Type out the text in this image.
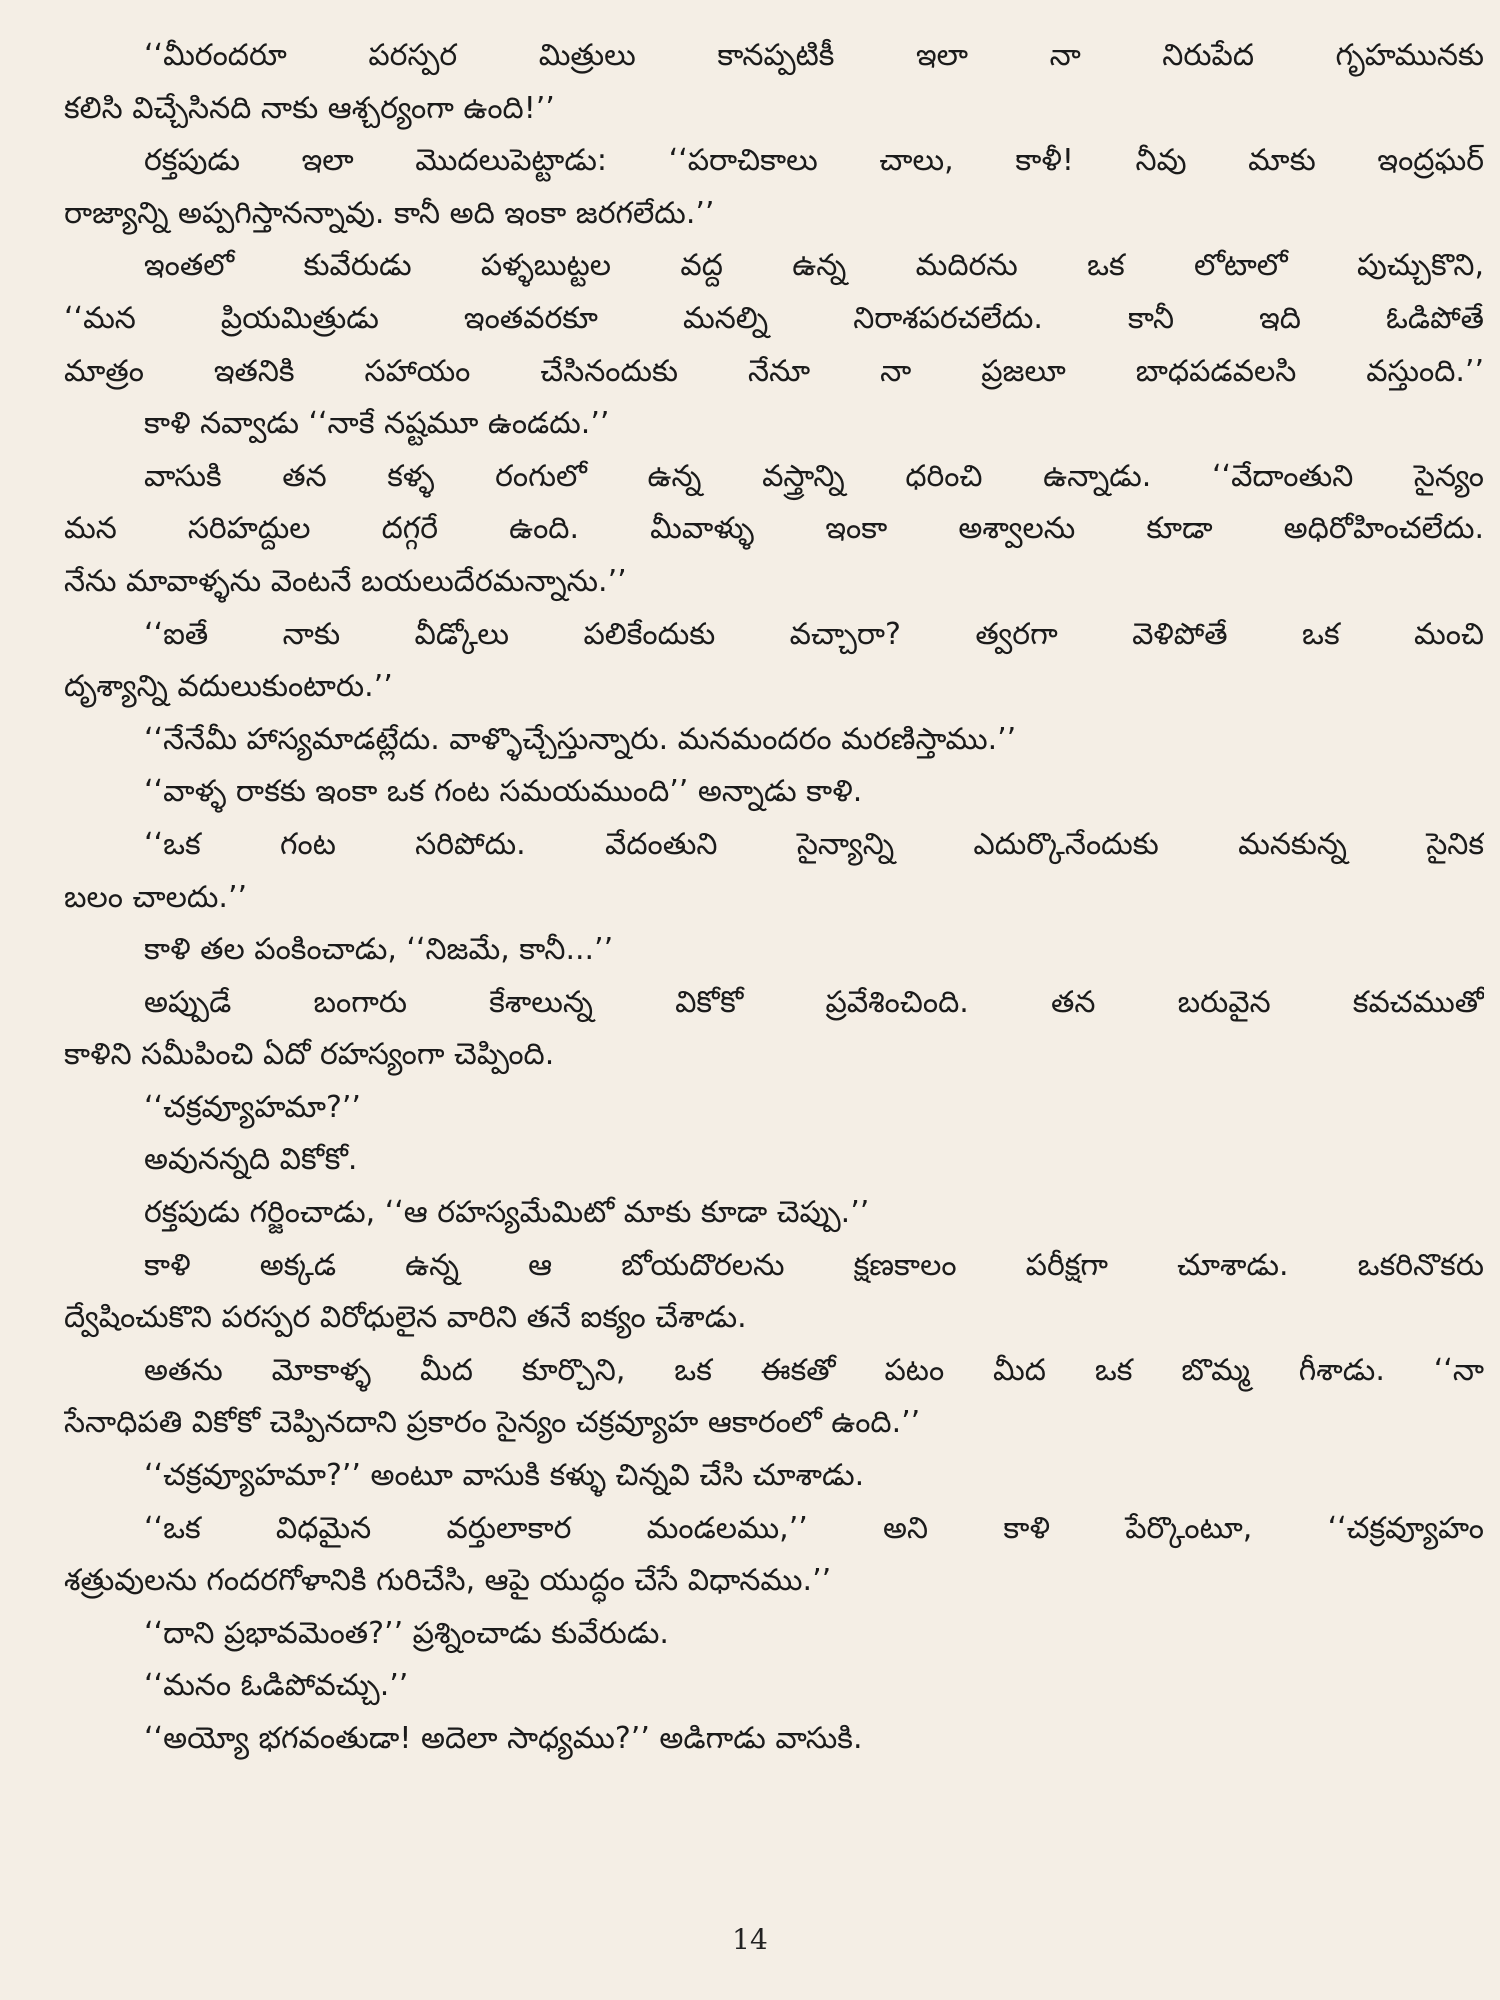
‘‘మీరందరూ పరస్పర మిత్రులు కానప్పటికీ ఇలా నా నిరుపేద గృహమునకు
కలిసి విచ్చేసినది నాకు ఆశ్చర్యంగా ఉంది!’’
రక్తపుడు ఇలా మొదలుపెట్టాడు: ‘‘పరాచికాలు చాలు, కాళీ! నీవు మాకు ఇంద్రఘర్
రాజ్యాన్ని అప్పగిస్తానన్నావు. కానీ అది ఇంకా జరగలేదు.’’
ఇంతలో కువేరుడు పళ్ళబుట్టల వద్ద ఉన్న మదిరను ఒక లోటాలో పుచ్చుకొని,
‘‘మన ప్రియమిత్రుడు ఇంతవరకూ మనల్ని నిరాశపరచలేదు. కానీ ఇది ఓడిపోతే
మాత్రం ఇతనికి సహాయం చేసినందుకు నేనూ నా ప్రజలూ బాధపడవలసి వస్తుంది.’’
కాళి నవ్వాడు ‘‘నాకే నష్టమూ ఉండదు.’’
వాసుకి తన కళ్ళ రంగులో ఉన్న వస్త్రాన్ని ధరించి ఉన్నాడు. ‘‘వేదాంతుని సైన్యం
మన సరిహద్దుల దగ్గరే ఉంది. మీవాళ్ళు ఇంకా అశ్వాలను కూడా అధిరోహించలేదు.
నేను మావాళ్ళను వెంటనే బయలుదేరమన్నాను.’’
‘‘ఐతే నాకు వీడ్కోలు పలికేందుకు వచ్చారా? త్వరగా వెళిపోతే ఒక మంచి
దృశ్యాన్ని వదులుకుంటారు.’’
‘‘నేనేమీ హాస్యమాడట్లేదు. వాళ్ళొచ్చేస్తున్నారు. మనమందరం మరణిస్తాము.’’
‘‘వాళ్ళ రాకకు ఇంకా ఒక గంట సమయముంది’’ అన్నాడు కాళి.
‘‘ఒక గంట సరిపోదు. వేదంతుని సైన్యాన్ని ఎదుర్కొనేందుకు మనకున్న సైనిక
బలం చాలదు.’’
కాళి తల పంకించాడు, ‘‘నిజమే, కానీ...’’
అప్పుడే బంగారు కేశాలున్న వికోకో ప్రవేశించింది. తన బరువైన కవచముతో
కాళిని సమీపించి ఏదో రహస్యంగా చెప్పింది.
‘‘చక్రవ్యూహమా?’’
అవునన్నది వికోకో.
రక్తపుడు గర్జించాడు, ‘‘ఆ రహస్యమేమిటో మాకు కూడా చెప్పు.’’
కాళి అక్కడ ఉన్న ఆ బోయదొరలను క్షణకాలం పరీక్షగా చూశాడు. ఒకరినొకరు
ద్వేషించుకొని పరస్పర విరోధులైన వారిని తనే ఐక్యం చేశాడు.
అతను మోకాళ్ళ మీద కూర్చొని, ఒక ఈకతో పటం మీద ఒక బొమ్మ గీశాడు. ‘‘నా
సేనాధిపతి వికోకో చెప్పినదాని ప్రకారం సైన్యం చక్రవ్యూహ ఆకారంలో ఉంది.’’
‘‘చక్రవ్యూహమా?’’ అంటూ వాసుకి కళ్ళు చిన్నవి చేసి చూశాడు.
‘‘ఒక విధమైన వర్తులాకార మండలము,’’ అని కాళి పేర్కొంటూ, ‘‘చక్రవ్యూహం
శత్రువులను గందరగోళానికి గురిచేసి, ఆపై యుద్ధం చేసే విధానము.’’
‘‘దాని ప్రభావమెంత?’’ ప్రశ్నించాడు కువేరుడు.
‘‘మనం ఓడిపోవచ్చు.’’
‘‘అయ్యో భగవంతుడా! అదెలా సాధ్యము?’’ అడిగాడు వాసుకి.
14
